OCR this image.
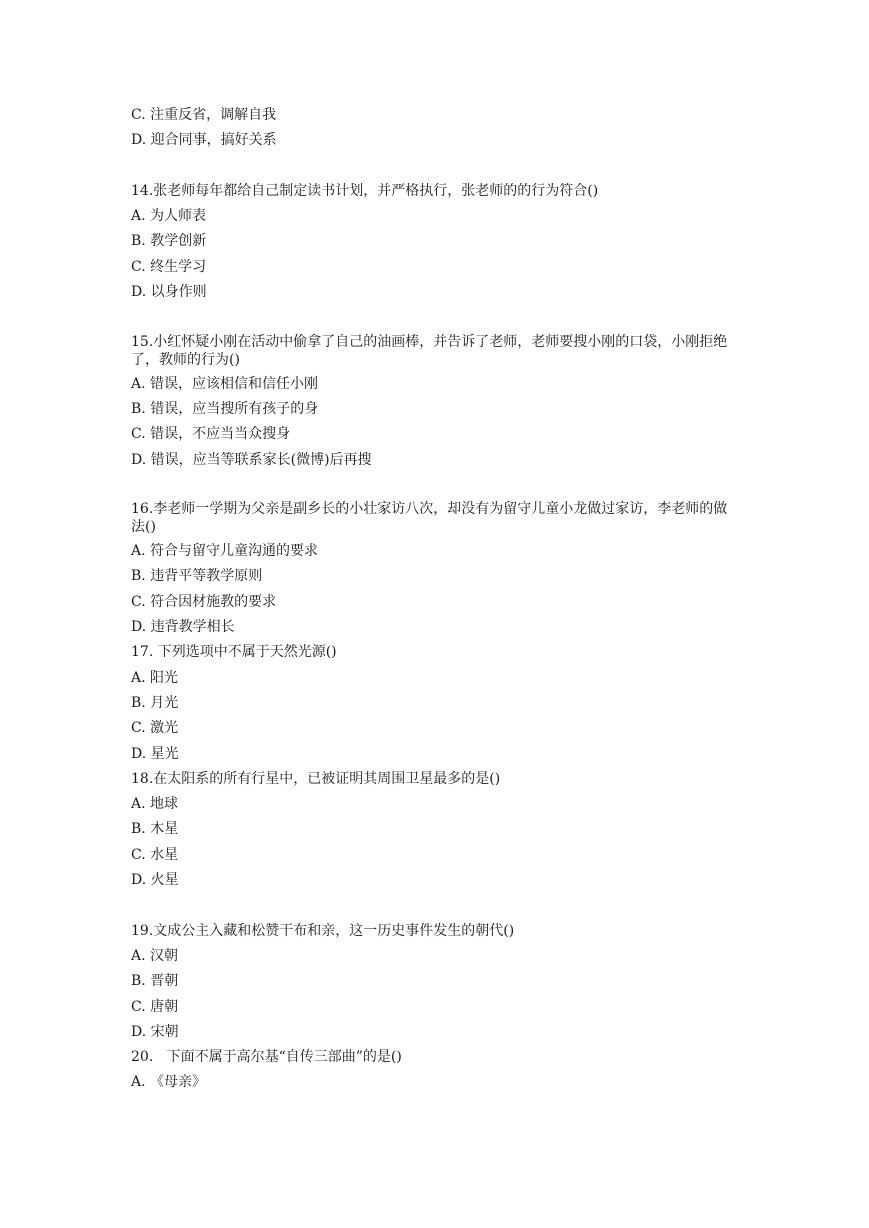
C. 注重反省，调解自我
D. 迎合同事，搞好关系
14.张老师每年都给自己制定读书计划，并严格执行，张老师的的行为符合()
A. 为人师表
B. 教学创新
C. 终生学习
D. 以身作则
15.小红怀疑小刚在活动中偷拿了自己的油画棒，并告诉了老师，老师要搜小刚的口袋，小刚拒绝了，教师的行为()
A. 错误，应该相信和信任小刚
B. 错误，应当搜所有孩子的身
C. 错误，不应当当众搜身
D. 错误，应当等联系家长(微博)后再搜
16.李老师一学期为父亲是副乡长的小壮家访八次，却没有为留守儿童小龙做过家访，李老师的做法()
A. 符合与留守儿童沟通的要求
B. 违背平等教学原则
C. 符合因材施教的要求
D. 违背教学相长
17. 下列选项中不属于天然光源()
A. 阳光
B. 月光
C. 激光
D. 星光
18.在太阳系的所有行星中，已被证明其周围卫星最多的是()
A. 地球
B. 木星
C. 水星
D. 火星
19.文成公主入藏和松赞干布和亲，这一历史事件发生的朝代()
A. 汉朝
B. 晋朝
C. 唐朝
D. 宋朝
20.   下面不属于高尔基“自传三部曲”的是()
A. 《母亲》
